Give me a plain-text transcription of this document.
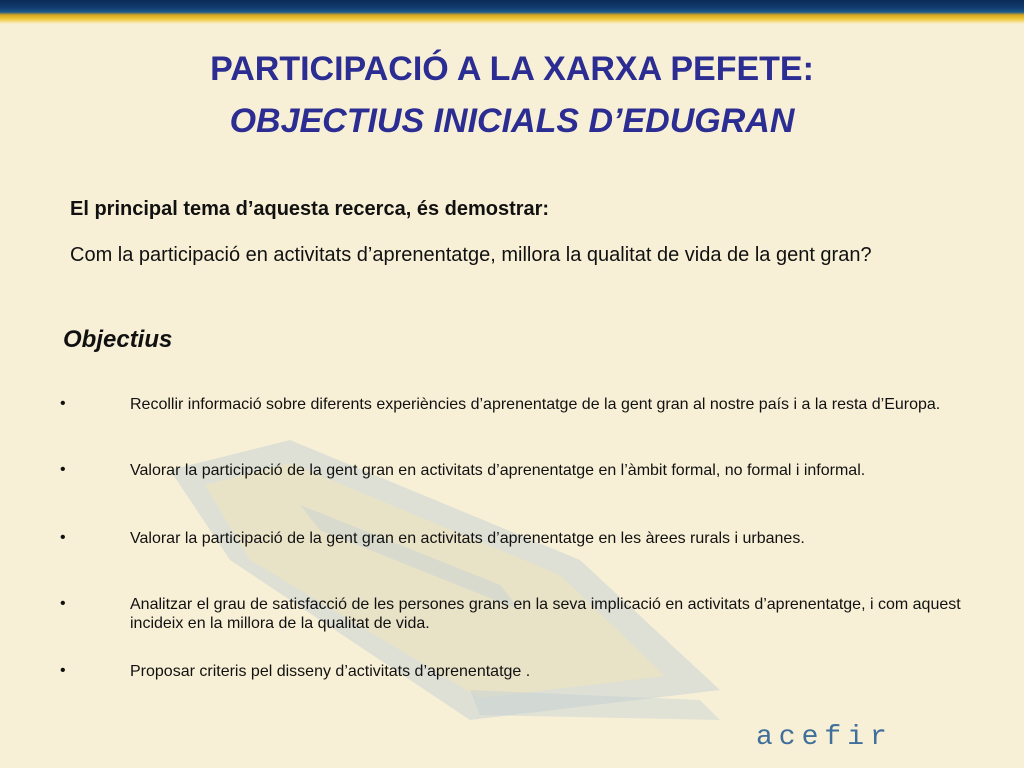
PARTICIPACIÓ A LA XARXA PEFETE:
OBJECTIUS INICIALS D’EDUGRAN
El principal tema d’aquesta recerca, és demostrar:
Com la participació en activitats d’aprenentatge, millora la qualitat de vida de la gent gran?
Objectius
•	Recollir informació sobre diferents experiències d’aprenentatge de la gent gran al nostre país i a la resta d’Europa.
•	Valorar la participació de la gent gran en activitats d’aprenentatge en l’àmbit formal, no formal i informal.
•	Valorar la participació de la gent gran en activitats d’aprenentatge en les àrees rurals i urbanes.
•	Analitzar el grau de satisfacció de les persones grans en la seva implicació en activitats d’aprenentatge, i com aquest incideix en la millora de la qualitat de vida.
•	Proposar criteris pel disseny d’activitats d’aprenentatge .
acefir
